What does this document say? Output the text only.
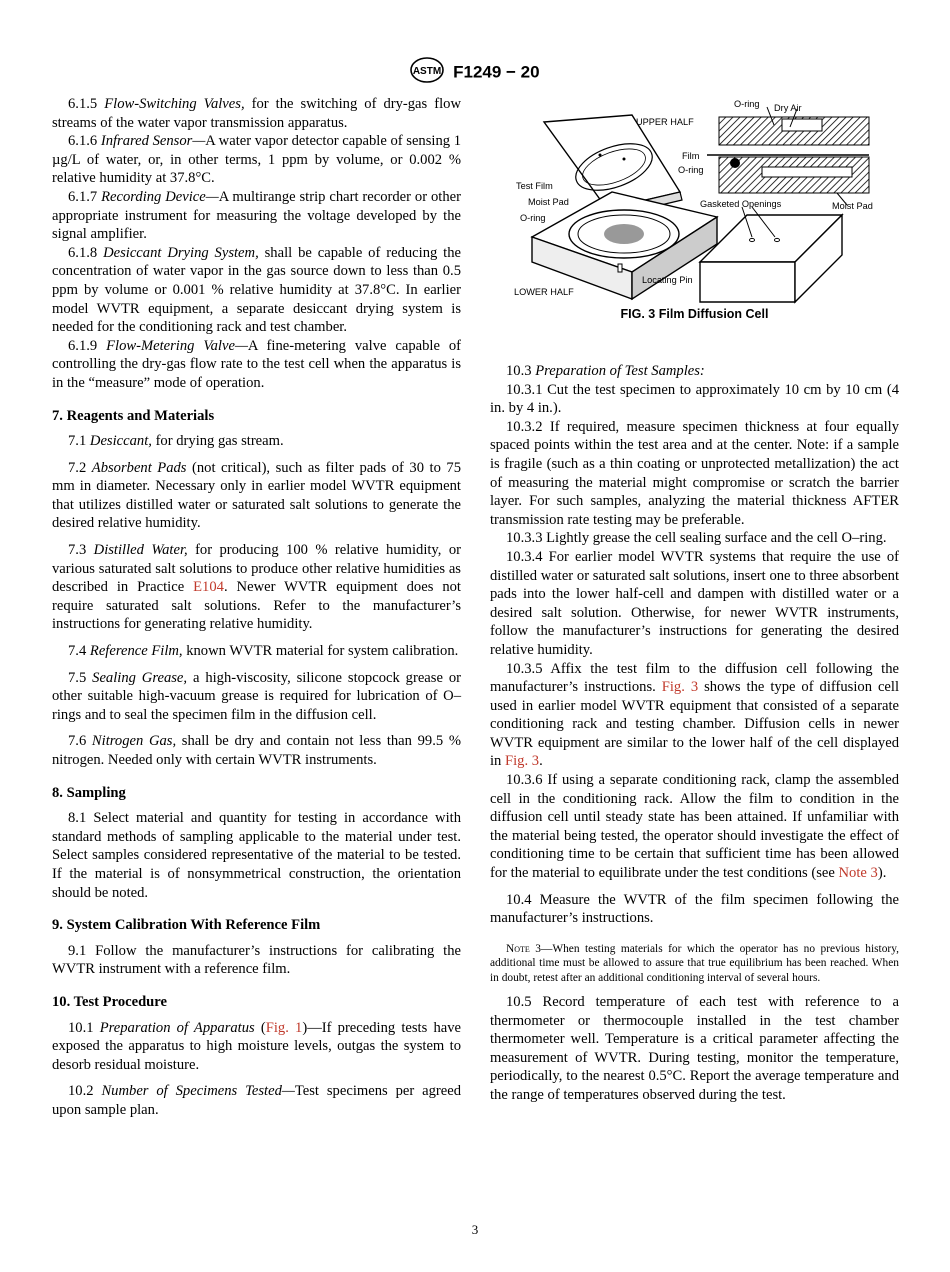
ASTM F1249 − 20

6.1.5 Flow-Switching Valves, for the switching of dry-gas flow streams of the water vapor transmission apparatus.

6.1.6 Infrared Sensor—A water vapor detector capable of sensing 1 µg/L of water, or, in other terms, 1 ppm by volume, or 0.002 % relative humidity at 37.8°C.

6.1.7 Recording Device—A multirange strip chart recorder or other appropriate instrument for measuring the voltage developed by the signal amplifier.

6.1.8 Desiccant Drying System, shall be capable of reducing the concentration of water vapor in the gas source down to less than 0.5 ppm by volume or 0.001 % relative humidity at 37.8°C. In earlier model WVTR equipment, a separate desiccant drying system is needed for the conditioning rack and test chamber.

6.1.9 Flow-Metering Valve—A fine-metering valve capable of controlling the dry-gas flow rate to the test cell when the apparatus is in the “measure” mode of operation.

7. Reagents and Materials

7.1 Desiccant, for drying gas stream.

7.2 Absorbent Pads (not critical), such as filter pads of 30 to 75 mm in diameter. Necessary only in earlier model WVTR equipment that utilizes distilled water or saturated salt solutions to generate the desired relative humidity.

7.3 Distilled Water, for producing 100 % relative humidity, or various saturated salt solutions to produce other relative humidities as described in Practice E104. Newer WVTR equipment does not require saturated salt solutions. Refer to the manufacturer’s instructions for generating relative humidity.

7.4 Reference Film, known WVTR material for system calibration.

7.5 Sealing Grease, a high-viscosity, silicone stopcock grease or other suitable high-vacuum grease is required for lubrication of O–rings and to seal the specimen film in the diffusion cell.

7.6 Nitrogen Gas, shall be dry and contain not less than 99.5 % nitrogen. Needed only with certain WVTR instruments.

8. Sampling

8.1 Select material and quantity for testing in accordance with standard methods of sampling applicable to the material under test. Select samples considered representative of the material to be tested. If the material is of nonsymmetrical construction, the orientation should be noted.

9. System Calibration With Reference Film

9.1 Follow the manufacturer’s instructions for calibrating the WVTR instrument with a reference film.

10. Test Procedure

10.1 Preparation of Apparatus (Fig. 1)—If preceding tests have exposed the apparatus to high moisture levels, outgas the system to desorb residual moisture.

10.2 Number of Specimens Tested—Test specimens per agreed upon sample plan.

UPPER HALF
Test Film
Moist Pad
O-ring
LOWER HALF
Locating Pin
O-ring Dry Air
Film
O-ring
Gasketed Openings	Moist Pad
FIG. 3 Film Diffusion Cell

10.3 Preparation of Test Samples:

10.3.1 Cut the test specimen to approximately 10 cm by 10 cm (4 in. by 4 in.).

10.3.2 If required, measure specimen thickness at four equally spaced points within the test area and at the center. Note: if a sample is fragile (such as a thin coating or unprotected metallization) the act of measuring the material might compromise or scratch the barrier layer. For such samples, analyzing the material thickness AFTER transmission rate testing may be preferable.

10.3.3 Lightly grease the cell sealing surface and the cell O–ring.

10.3.4 For earlier model WVTR systems that require the use of distilled water or saturated salt solutions, insert one to three absorbent pads into the lower half-cell and dampen with distilled water or a desired salt solution. Otherwise, for newer WVTR instruments, follow the manufacturer’s instructions for generating the desired relative humidity.

10.3.5 Affix the test film to the diffusion cell following the manufacturer’s instructions. Fig. 3 shows the type of diffusion cell used in earlier model WVTR equipment that consisted of a separate conditioning rack and testing chamber. Diffusion cells in newer WVTR equipment are similar to the lower half of the cell displayed in Fig. 3.

10.3.6 If using a separate conditioning rack, clamp the assembled cell in the conditioning rack. Allow the film to condition in the diffusion cell until steady state has been attained. If unfamiliar with the material being tested, the operator should investigate the effect of conditioning time to be certain that sufficient time has been allowed for the material to equilibrate under the test conditions (see Note 3).

10.4 Measure the WVTR of the film specimen following the manufacturer’s instructions.

Note 3—When testing materials for which the operator has no previous history, additional time must be allowed to assure that true equilibrium has been reached. When in doubt, retest after an additional conditioning interval of several hours.

10.5 Record temperature of each test with reference to a thermometer or thermocouple installed in the test chamber thermometer well. Temperature is a critical parameter affecting the measurement of WVTR. During testing, monitor the temperature, periodically, to the nearest 0.5°C. Report the average temperature and the range of temperatures observed during the test.

3
